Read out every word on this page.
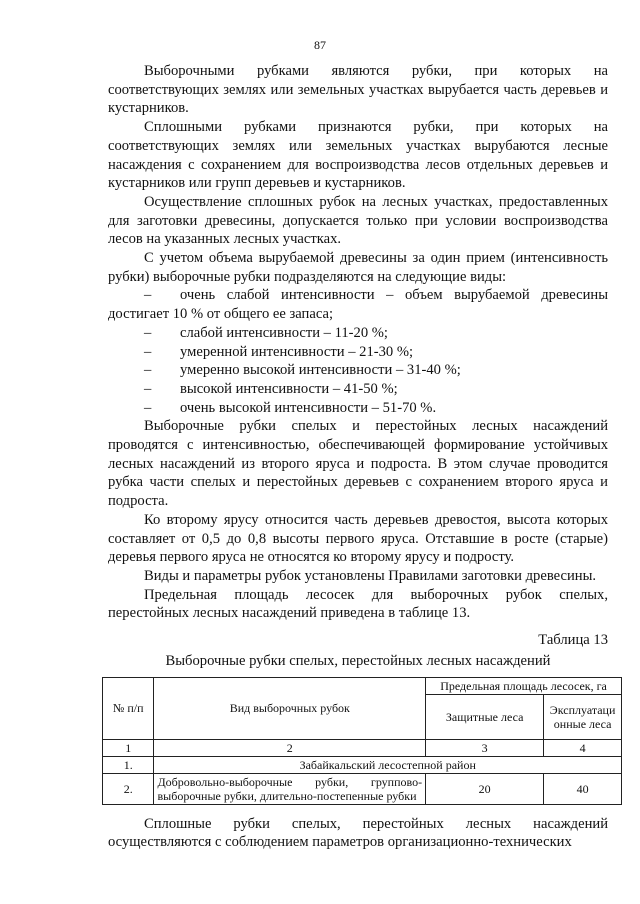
87

Выборочными рубками являются рубки, при которых на соответствующих землях или земельных участках вырубается часть деревьев и кустарников.

Сплошными рубками признаются рубки, при которых на соответствующих землях или земельных участках вырубаются лесные насаждения с сохранением для воспроизводства лесов отдельных деревьев и кустарников или групп деревьев и кустарников.

Осуществление сплошных рубок на лесных участках, предоставленных для заготовки древесины, допускается только при условии воспроизводства лесов на указанных лесных участках.

С учетом объема вырубаемой древесины за один прием (интенсивность рубки) выборочные рубки подразделяются на следующие виды:

– очень слабой интенсивности – объем вырубаемой древесины достигает 10 % от общего ее запаса;

– слабой интенсивности – 11-20 %;

– умеренной интенсивности – 21-30 %;

– умеренно высокой интенсивности – 31-40 %;

– высокой интенсивности – 41-50 %;

– очень высокой интенсивности – 51-70 %.

Выборочные рубки спелых и перестойных лесных насаждений проводятся с интенсивностью, обеспечивающей формирование устойчивых лесных насаждений из второго яруса и подроста. В этом случае проводится рубка части спелых и перестойных деревьев с сохранением второго яруса и подроста.

Ко второму ярусу относится часть деревьев древостоя, высота которых составляет от 0,5 до 0,8 высоты первого яруса. Отставшие в росте (старые) деревья первого яруса не относятся ко второму ярусу и подросту.

Виды и параметры рубок установлены Правилами заготовки древесины.

Предельная площадь лесосек для выборочных рубок спелых, перестойных лесных насаждений приведена в таблице 13.

Таблица 13

Выборочные рубки спелых, перестойных лесных насаждений

№ п/п	Вид выборочных рубок	Предельная площадь лесосек, га	
		Защитные леса	Эксплуатаци онные леса
1	2	3	4
1.	Забайкальский лесостепной район		
2.	Добровольно-выборочные рубки, группово-выборочные рубки, длительно-постепенные рубки	20	40

Сплошные рубки спелых, перестойных лесных насаждений осуществляются с соблюдением параметров организационно-технических
